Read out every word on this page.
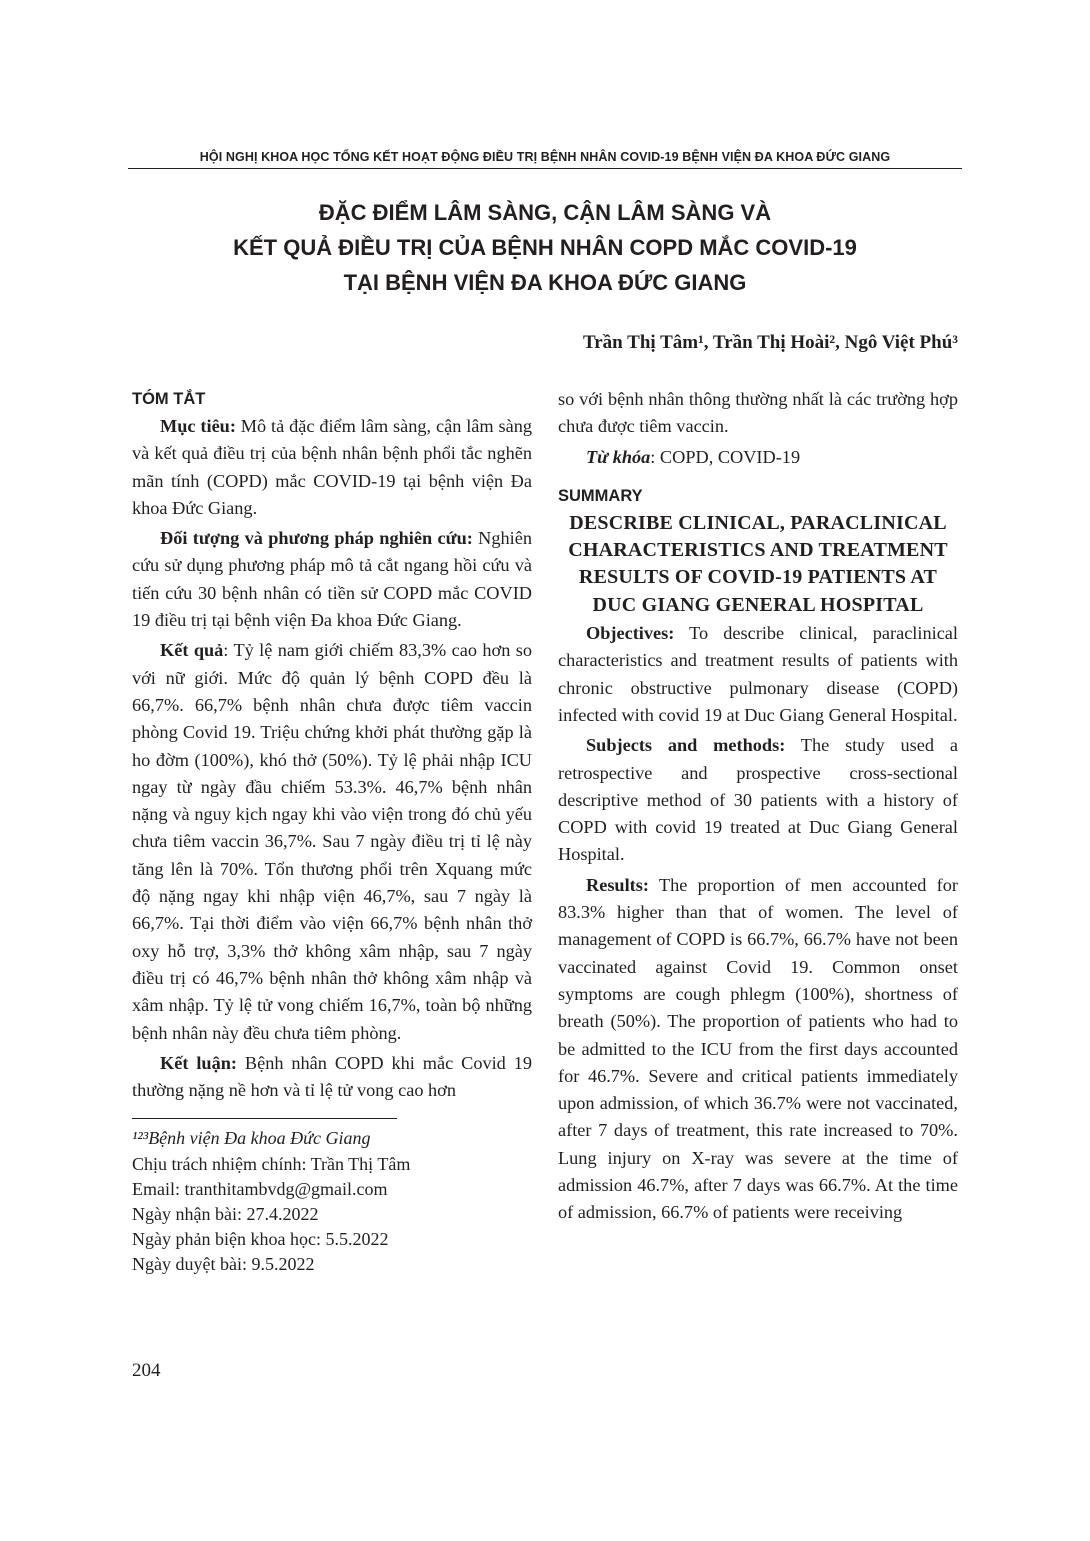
HỘI NGHỊ KHOA HỌC TỔNG KẾT HOẠT ĐỘNG ĐIỀU TRỊ BỆNH NHÂN COVID-19 BỆNH VIỆN ĐA KHOA ĐỨC GIANG
ĐẶC ĐIỂM LÂM SÀNG, CẬN LÂM SÀNG VÀ
KẾT QUẢ ĐIỀU TRỊ CỦA BỆNH NHÂN COPD MẮC COVID-19
TẠI BỆNH VIỆN ĐA KHOA ĐỨC GIANG
Trần Thị Tâm¹, Trần Thị Hoài², Ngô Việt Phú³
TÓM TẮT

Mục tiêu: Mô tả đặc điểm lâm sàng, cận lâm sàng và kết quả điều trị của bệnh nhân bệnh phổi tắc nghẽn mãn tính (COPD) mắc COVID-19 tại bệnh viện Đa khoa Đức Giang.

Đối tượng và phương pháp nghiên cứu: Nghiên cứu sử dụng phương pháp mô tả cắt ngang hồi cứu và tiến cứu 30 bệnh nhân có tiền sử COPD mắc COVID 19 điều trị tại bệnh viện Đa khoa Đức Giang.

Kết quả: Tỷ lệ nam giới chiếm 83,3% cao hơn so với nữ giới. Mức độ quản lý bệnh COPD đều là 66,7%. 66,7% bệnh nhân chưa được tiêm vaccin phòng Covid 19. Triệu chứng khởi phát thường gặp là ho đờm (100%), khó thở (50%). Tỷ lệ phải nhập ICU ngay từ ngày đầu chiếm 53.3%. 46,7% bệnh nhân nặng và nguy kịch ngay khi vào viện trong đó chủ yếu chưa tiêm vaccin 36,7%. Sau 7 ngày điều trị tỉ lệ này tăng lên là 70%. Tổn thương phổi trên Xquang mức độ nặng ngay khi nhập viện 46,7%, sau 7 ngày là 66,7%. Tại thời điểm vào viện 66,7% bệnh nhân thở oxy hỗ trợ, 3,3% thở không xâm nhập, sau 7 ngày điều trị có 46,7% bệnh nhân thở không xâm nhập và xâm nhập. Tỷ lệ tử vong chiếm 16,7%, toàn bộ những bệnh nhân này đều chưa tiêm phòng.

Kết luận: Bệnh nhân COPD khi mắc Covid 19 thường nặng nề hơn và tỉ lệ tử vong cao hơn

¹²³Bệnh viện Đa khoa Đức Giang
Chịu trách nhiệm chính: Trần Thị Tâm
Email: tranthitambvdg@gmail.com
Ngày nhận bài: 27.4.2022
Ngày phản biện khoa học: 5.5.2022
Ngày duyệt bài: 9.5.2022

so với bệnh nhân thông thường nhất là các trường hợp chưa được tiêm vaccin.

Từ khóa: COPD, COVID-19

SUMMARY
DESCRIBE CLINICAL, PARACLINICAL CHARACTERISTICS AND TREATMENT RESULTS OF COVID-19 PATIENTS AT DUC GIANG GENERAL HOSPITAL

Objectives: To describe clinical, paraclinical characteristics and treatment results of patients with chronic obstructive pulmonary disease (COPD) infected with covid 19 at Duc Giang General Hospital.

Subjects and methods: The study used a retrospective and prospective cross-sectional descriptive method of 30 patients with a history of COPD with covid 19 treated at Duc Giang General Hospital.

Results: The proportion of men accounted for 83.3% higher than that of women. The level of management of COPD is 66.7%, 66.7% have not been vaccinated against Covid 19. Common onset symptoms are cough phlegm (100%), shortness of breath (50%). The proportion of patients who had to be admitted to the ICU from the first days accounted for 46.7%. Severe and critical patients immediately upon admission, of which 36.7% were not vaccinated, after 7 days of treatment, this rate increased to 70%. Lung injury on X-ray was severe at the time of admission 46.7%, after 7 days was 66.7%. At the time of admission, 66.7% of patients were receiving

204
